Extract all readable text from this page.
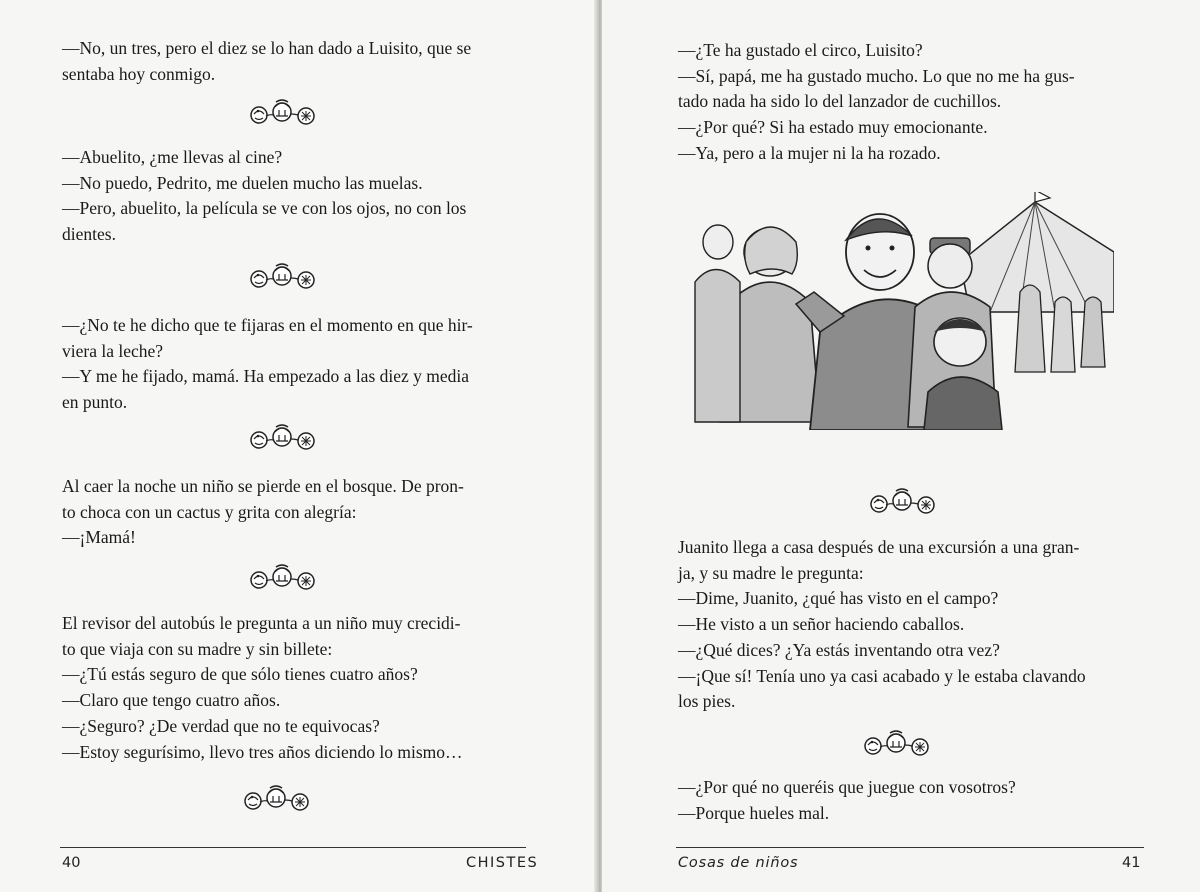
—No, un tres, pero el diez se lo han dado a Luisito, que se

sentaba hoy conmigo.

—Abuelito, ¿me llevas al cine?

—No puedo, Pedrito, me duelen mucho las muelas.

—Pero, abuelito, la película se ve con los ojos, no con los

dientes.

—¿No te he dicho que te fijaras en el momento en que hir-

viera la leche?

—Y me he fijado, mamá. Ha empezado a las diez y media

en punto.

Al caer la noche un niño se pierde en el bosque. De pron-

to choca con un cactus y grita con alegría:

—¡Mamá!

El revisor del autobús le pregunta a un niño muy crecidi-

to que viaja con su madre y sin billete:

—¿Tú estás seguro de que sólo tienes cuatro años?

—Claro que tengo cuatro años.

—¿Seguro? ¿De verdad que no te equivocas?

—Estoy segurísimo, llevo tres años diciendo lo mismo…

40	CHISTES

—¿Te ha gustado el circo, Luisito?

—Sí, papá, me ha gustado mucho. Lo que no me ha gus-

tado nada ha sido lo del lanzador de cuchillos.

—¿Por qué? Si ha estado muy emocionante.

—Ya, pero a la mujer ni la ha rozado.

Juanito llega a casa después de una excursión a una gran-

ja, y su madre le pregunta:

—Dime, Juanito, ¿qué has visto en el campo?

—He visto a un señor haciendo caballos.

—¿Qué dices? ¿Ya estás inventando otra vez?

—¡Que sí! Tenía uno ya casi acabado y le estaba clavando

los pies.

—¿Por qué no queréis que juegue con vosotros?

—Porque hueles mal.

Cosas de niños	41
